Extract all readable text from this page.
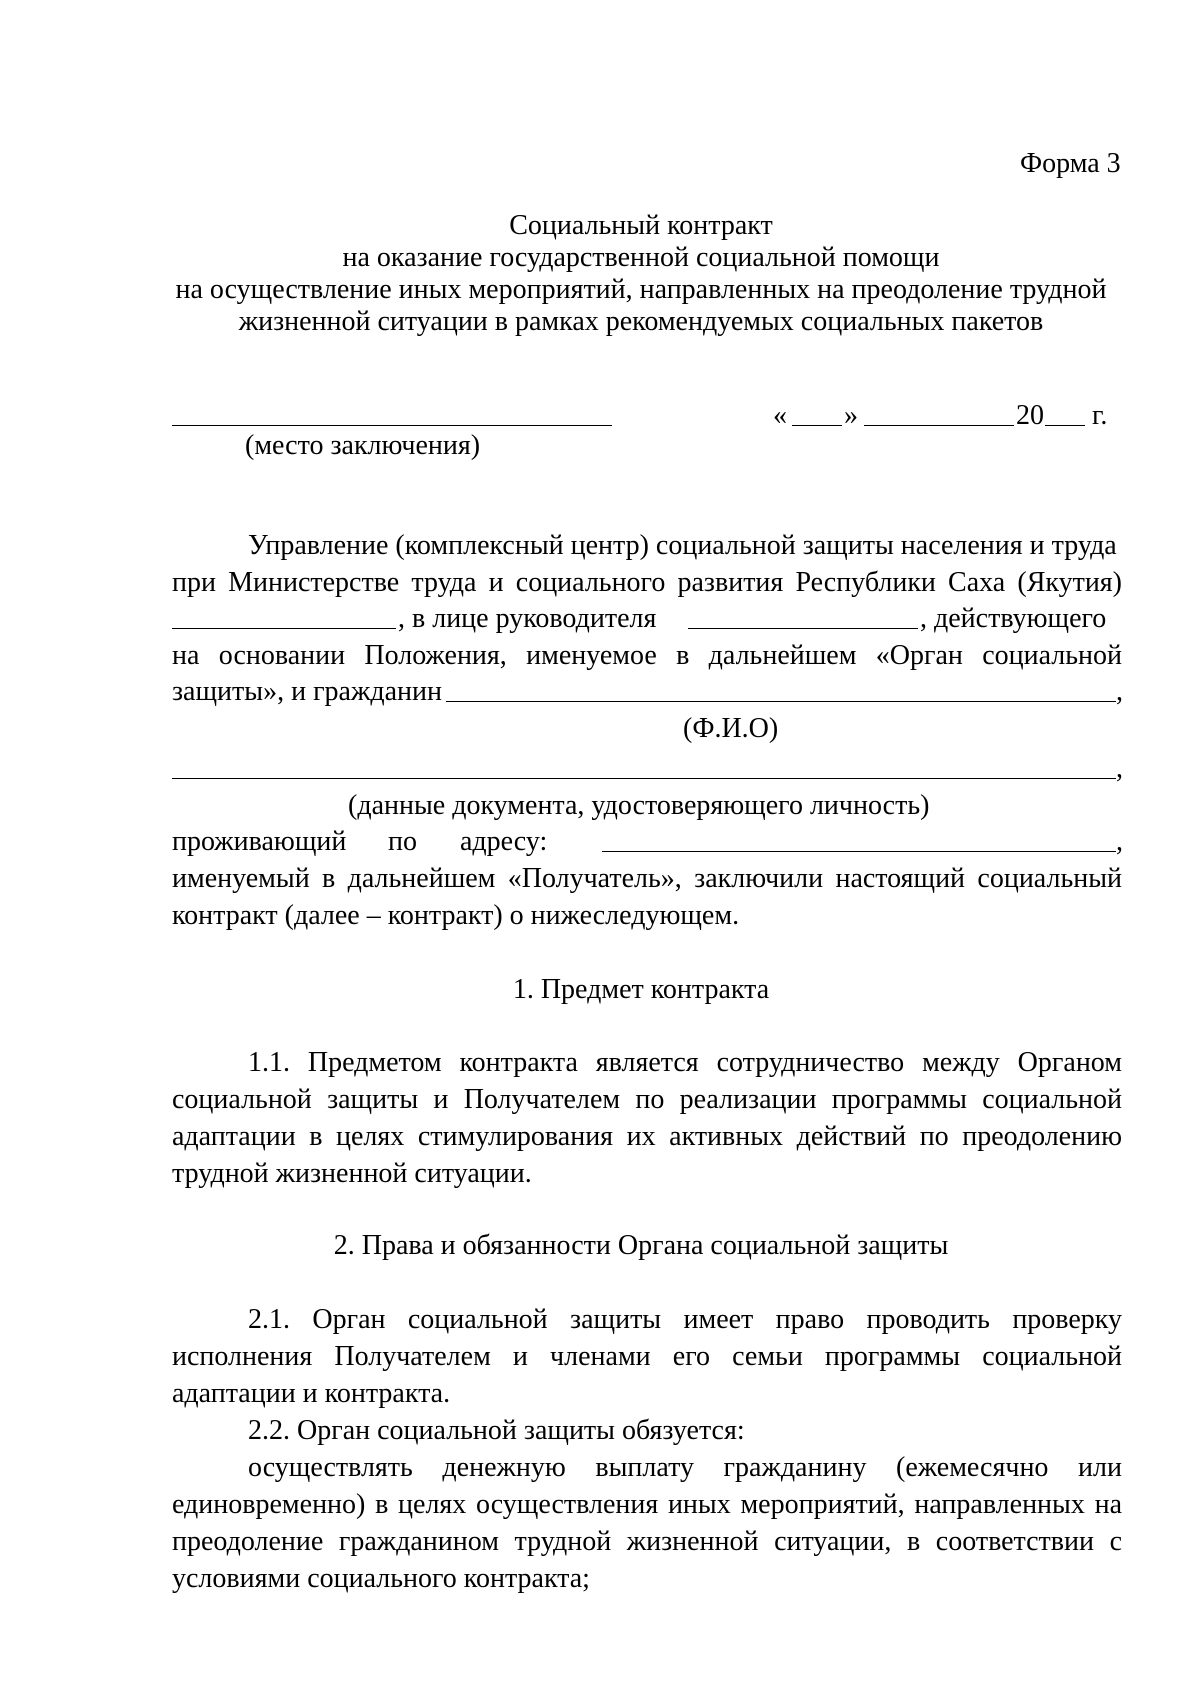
Форма 3
Социальный контракт
на оказание государственной социальной помощи
на осуществление иных мероприятий, направленных на преодоление трудной
жизненной ситуации в рамках рекомендуемых социальных пакетов
(место заключения)
« »	20 г.
Управление (комплексный центр) социальной защиты населения и труда
при Министерстве труда и социального развития Республики Саха (Якутия)
, в лице руководителя	, действующего
на основании Положения, именуемое в дальнейшем «Орган социальной
защиты», и гражданин	,
(Ф.И.О)
,
(данные документа, удостоверяющего личность)
проживающий по адресу:	,
именуемый в дальнейшем «Получатель», заключили настоящий социальный
контракт (далее – контракт) о нижеследующем.
1. Предмет контракта
1.1. Предметом контракта является сотрудничество между Органом
социальной защиты и Получателем по реализации программы социальной
адаптации в целях стимулирования их активных действий по преодолению
трудной жизненной ситуации.
2. Права и обязанности Органа социальной защиты
2.1. Орган социальной защиты имеет право проводить проверку
исполнения Получателем и членами его семьи программы социальной
адаптации и контракта.
2.2. Орган социальной защиты обязуется:
осуществлять денежную выплату гражданину (ежемесячно или
единовременно) в целях осуществления иных мероприятий, направленных на
преодоление гражданином трудной жизненной ситуации, в соответствии с
условиями социального контракта;
